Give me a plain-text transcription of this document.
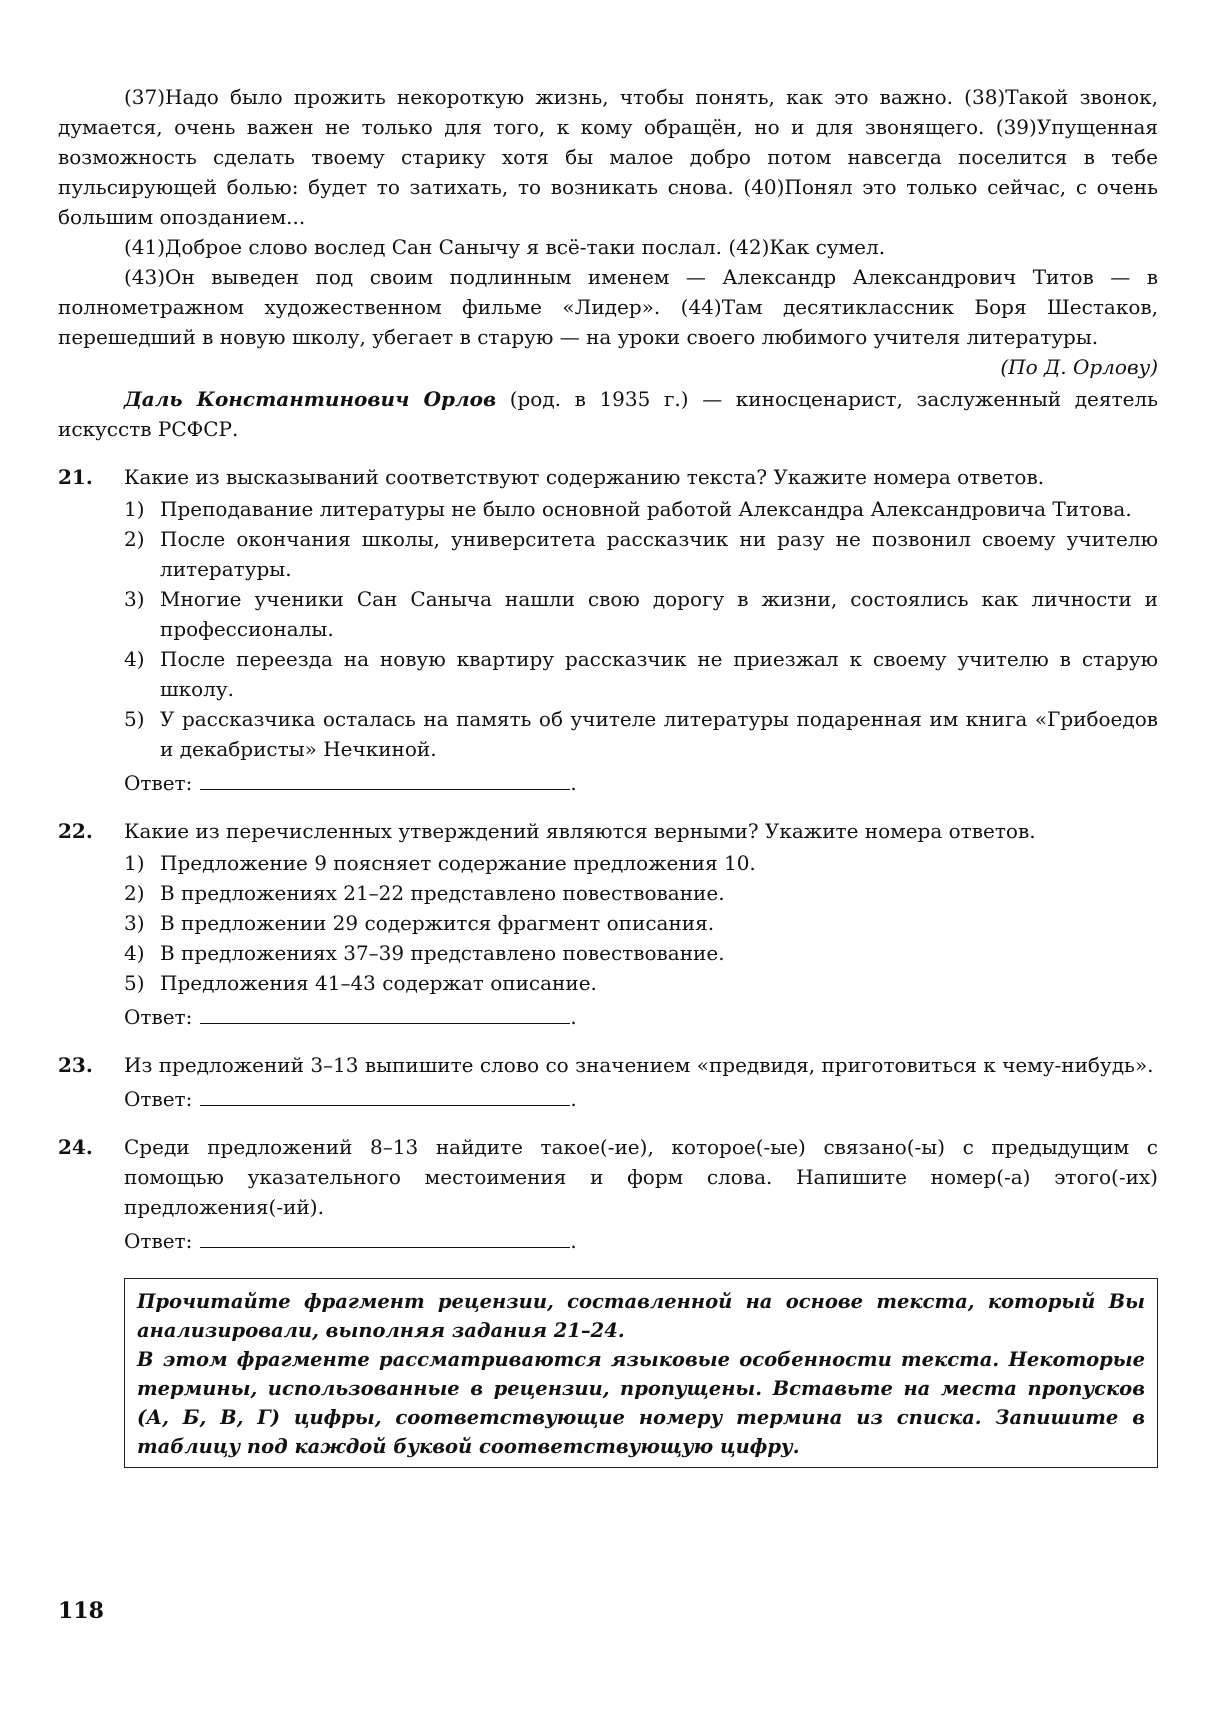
(37)Надо было прожить некороткую жизнь, чтобы понять, как это важно. (38)Такой звонок, думается, очень важен не только для того, к кому обращён, но и для звонящего. (39)Упущенная возможность сделать твоему старику хотя бы малое добро потом навсегда поселится в тебе пульсирующей болью: будет то затихать, то возникать снова. (40)Понял это только сейчас, с очень большим опозданием...

(41)Доброе слово вослед Сан Санычу я всё-таки послал. (42)Как сумел.

(43)Он выведен под своим подлинным именем — Александр Александрович Титов — в полнометражном художественном фильме «Лидер». (44)Там десятиклассник Боря Шестаков, перешедший в новую школу, убегает в старую — на уроки своего любимого учителя литературы.

(По Д. Орлову)

Даль Константинович Орлов (род. в 1935 г.) — киносценарист, заслуженный деятель искусств РСФСР.

21. Какие из высказываний соответствуют содержанию текста? Укажите номера ответов.

1) Преподавание литературы не было основной работой Александра Александровича Титова.
2) После окончания школы, университета рассказчик ни разу не позвонил своему учителю литературы.
3) Многие ученики Сан Саныча нашли свою дорогу в жизни, состоялись как личности и профессионалы.
4) После переезда на новую квартиру рассказчик не приезжал к своему учителю в старую школу.
5) У рассказчика осталась на память об учителе литературы подаренная им книга «Грибоедов и декабристы» Нечкиной.
Ответ:	.
22. Какие из перечисленных утверждений являются верными? Укажите номера ответов.

1) Предложение 9 поясняет содержание предложения 10.
2) В предложениях 21–22 представлено повествование.
3) В предложении 29 содержится фрагмент описания.
4) В предложениях 37–39 представлено повествование.
5) Предложения 41–43 содержат описание.
Ответ:	.
23. Из предложений 3–13 выпишите слово со значением «предвидя, приготовиться к чему-нибудь».

Ответ:	.
24. Среди предложений 8–13 найдите такое(-ие), которое(-ые) связано(-ы) с предыдущим с помощью указательного местоимения и форм слова. Напишите номер(-а) этого(-их) предложения(-ий).

Ответ:	.

Прочитайте фрагмент рецензии, составленной на основе текста, который Вы анализировали, выполняя задания 21–24.

В этом фрагменте рассматриваются языковые особенности текста. Некоторые термины, использованные в рецензии, пропущены. Вставьте на места пропусков (А, Б, В, Г) цифры, соответствующие номеру термина из списка. Запишите в таблицу под каждой буквой соответствующую цифру.

118
